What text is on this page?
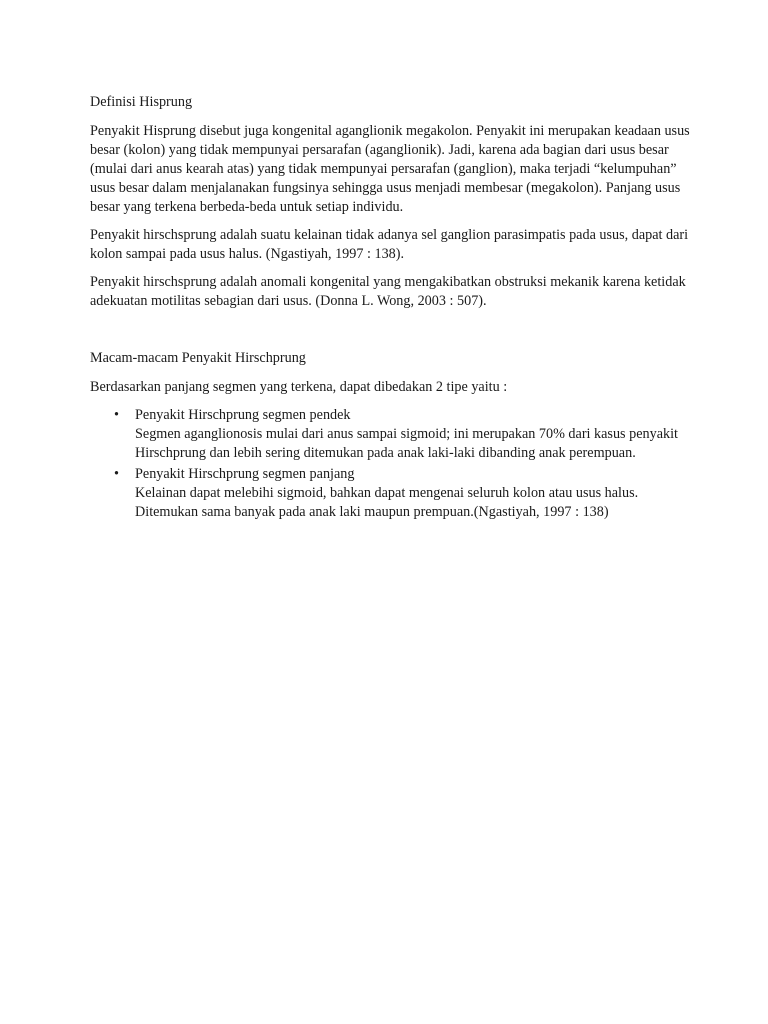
Definisi Hisprung

Penyakit Hisprung disebut juga kongenital aganglionik megakolon. Penyakit ini merupakan keadaan usus besar (kolon) yang tidak mempunyai persarafan (aganglionik). Jadi, karena ada bagian dari usus besar (mulai dari anus kearah atas) yang tidak mempunyai persarafan (ganglion), maka terjadi “kelumpuhan” usus besar dalam menjalanakan fungsinya sehingga usus menjadi membesar (megakolon). Panjang usus besar yang terkena berbeda-beda untuk setiap individu.

Penyakit hirschsprung adalah suatu kelainan tidak adanya sel ganglion parasimpatis pada usus, dapat dari kolon sampai pada usus halus. (Ngastiyah, 1997 : 138).

Penyakit hirschsprung adalah anomali kongenital yang mengakibatkan obstruksi mekanik karena ketidak adekuatan motilitas sebagian dari usus. (Donna L. Wong, 2003 : 507).

Macam-macam Penyakit Hirschprung

Berdasarkan panjang segmen yang terkena, dapat dibedakan 2 tipe yaitu :

• Penyakit Hirschprung segmen pendek
Segmen aganglionosis mulai dari anus sampai sigmoid; ini merupakan 70% dari kasus penyakit Hirschprung dan lebih sering ditemukan pada anak laki-laki dibanding anak perempuan.
• Penyakit Hirschprung segmen panjang
Kelainan dapat melebihi sigmoid, bahkan dapat mengenai seluruh kolon atau usus halus. Ditemukan sama banyak pada anak laki maupun prempuan.(Ngastiyah, 1997 : 138)
